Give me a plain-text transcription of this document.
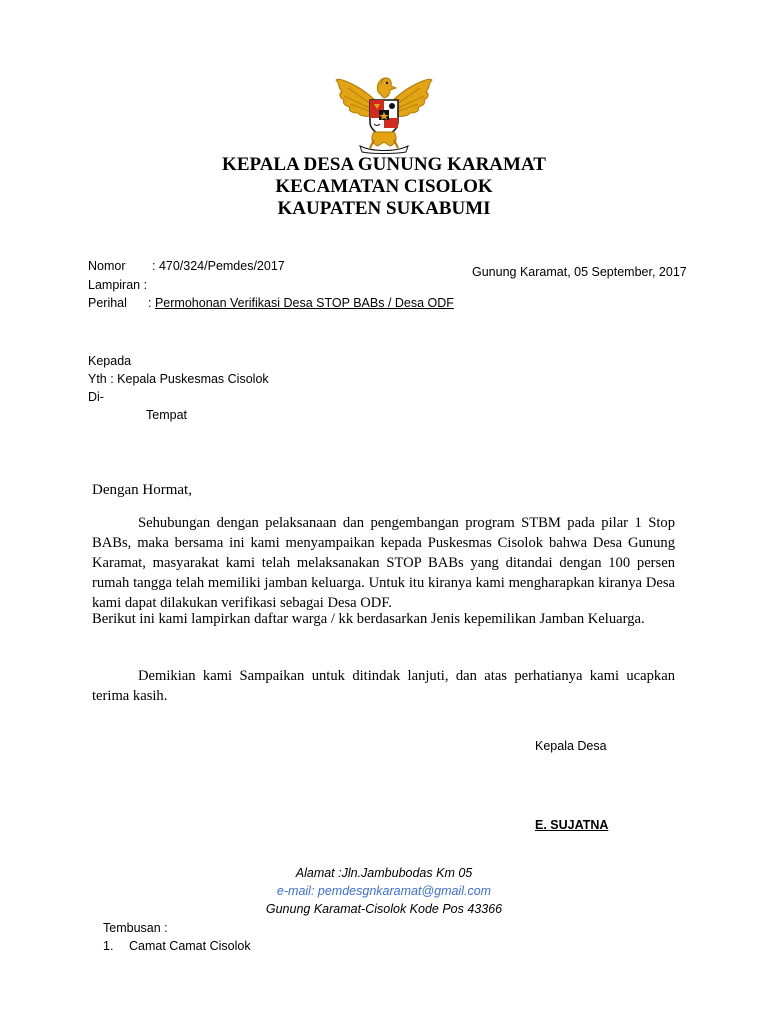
KEPALA DESA GUNUNG KARAMAT
KECAMATAN CISOLOK
KAUPATEN SUKABUMI
Nomor : 470/324/Pemdes/2017	Gunung Karamat, 05 September, 2017
Lampiran :
Perihal : Permohonan Verifikasi Desa STOP BABs / Desa ODF
Kepada
Yth : Kepala Puskesmas Cisolok
Di-
Tempat
Dengan Hormat,
Sehubungan dengan pelaksanaan dan pengembangan program STBM pada pilar 1 Stop BABs, maka bersama ini kami menyampaikan kepada Puskesmas Cisolok bahwa Desa Gunung Karamat, masyarakat kami telah melaksanakan STOP BABs yang ditandai dengan 100 persen rumah tangga telah memiliki jamban keluarga. Untuk itu kiranya kami mengharapkan kiranya Desa kami dapat dilakukan verifikasi sebagai Desa ODF.
Berikut ini kami lampirkan daftar warga / kk berdasarkan Jenis kepemilikan Jamban Keluarga.
Demikian kami Sampaikan untuk ditindak lanjuti, dan atas perhatianya kami ucapkan terima kasih.
Kepala Desa
E. SUJATNA
Alamat :Jln.Jambubodas Km 05
e-mail: pemdesgnkaramat@gmail.com
Gunung Karamat-Cisolok Kode Pos 43366
Tembusan :
1. Camat Camat Cisolok
